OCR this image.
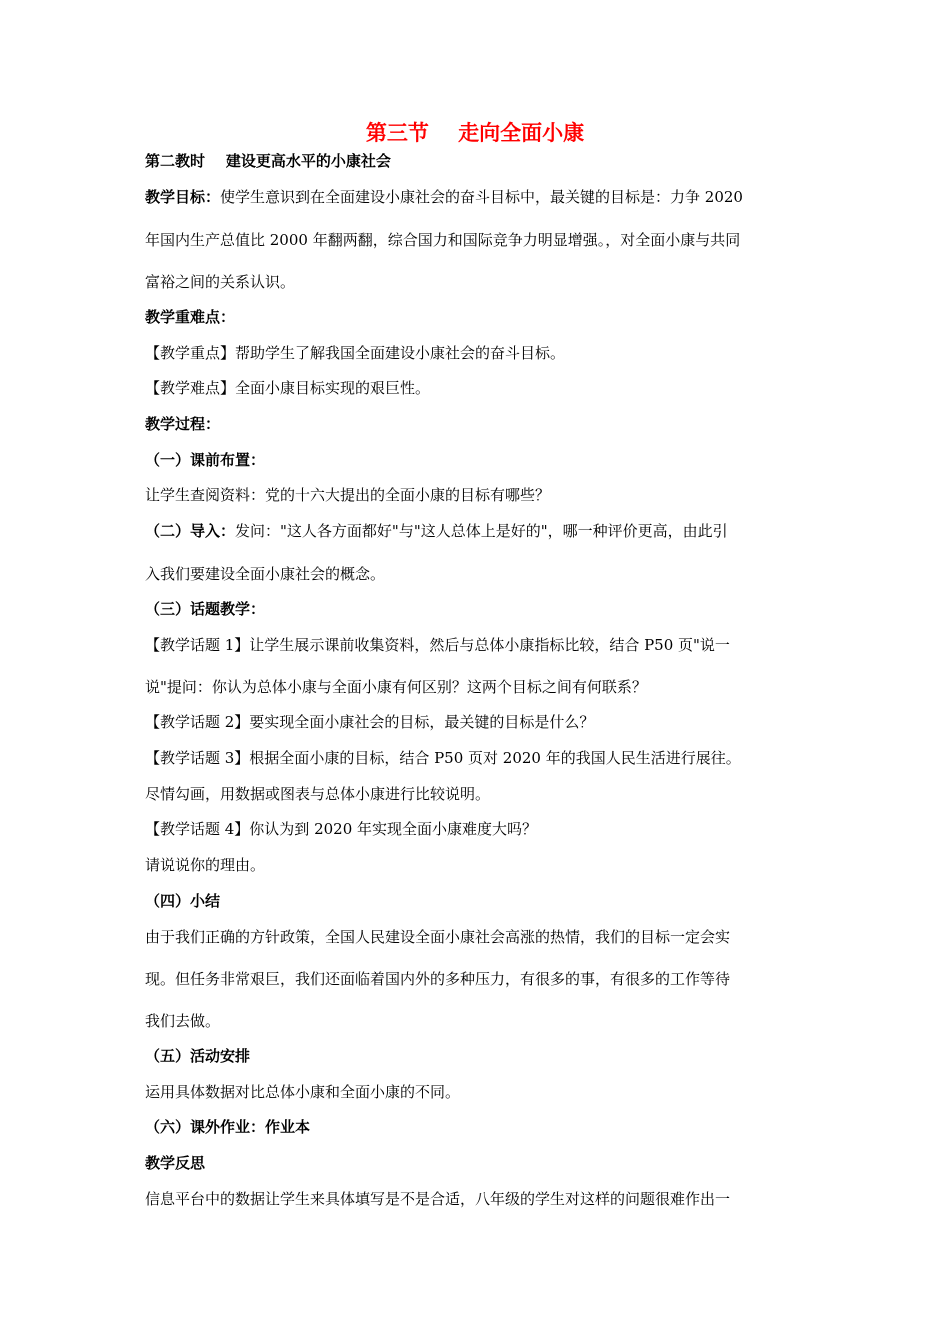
第三节    走向全面小康
第二教时    建设更高水平的小康社会
教学目标：使学生意识到在全面建设小康社会的奋斗目标中，最关键的目标是：力争 2020
年国内生产总值比 2000 年翻两翻，综合国力和国际竞争力明显增强。，对全面小康与共同
富裕之间的关系认识。
教学重难点：
【教学重点】帮助学生了解我国全面建设小康社会的奋斗目标。
【教学难点】全面小康目标实现的艰巨性。
教学过程：
（一）课前布置：
让学生查阅资料：党的十六大提出的全面小康的目标有哪些？
（二）导入：发问："这人各方面都好"与"这人总体上是好的"，哪一种评价更高，由此引
入我们要建设全面小康社会的概念。
（三）话题教学：
【教学话题 1】让学生展示课前收集资料，然后与总体小康指标比较，结合 P50 页"说一
说"提问：你认为总体小康与全面小康有何区别？这两个目标之间有何联系？
【教学话题 2】要实现全面小康社会的目标，最关键的目标是什么？
【教学话题 3】根据全面小康的目标，结合 P50 页对 2020 年的我国人民生活进行展往。
尽情勾画，用数据或图表与总体小康进行比较说明。
【教学话题 4】你认为到 2020 年实现全面小康难度大吗？
请说说你的理由。
（四）小结
由于我们正确的方针政策，全国人民建设全面小康社会高涨的热情，我们的目标一定会实
现。但任务非常艰巨，我们还面临着国内外的多种压力，有很多的事，有很多的工作等待
我们去做。
（五）活动安排
运用具体数据对比总体小康和全面小康的不同。
（六）课外作业：作业本
教学反思
信息平台中的数据让学生来具体填写是不是合适，八年级的学生对这样的问题很难作出一
